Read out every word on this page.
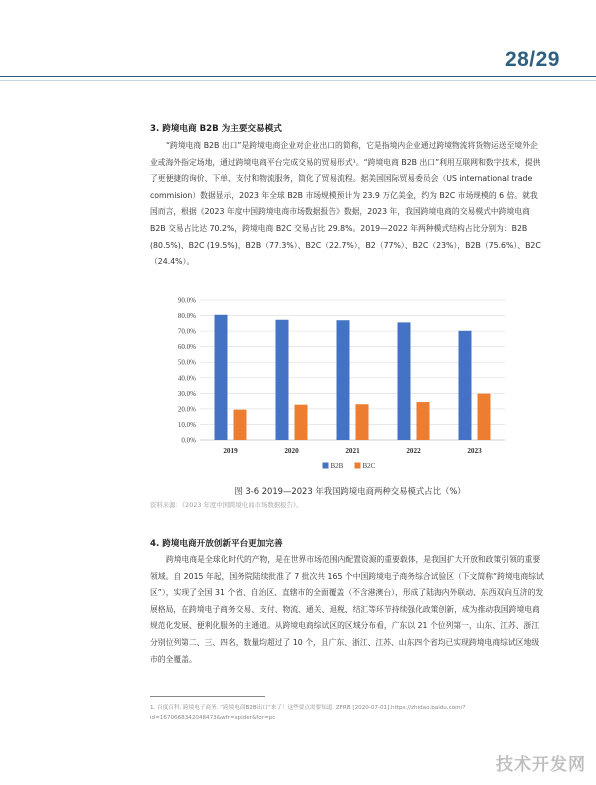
28/29
3. 跨境电商 B2B 为主要交易模式
“跨境电商 B2B 出口”是跨境电商企业对企业出口的简称，它是指境内企业通过跨境物流将货物运送至境外企业或海外指定场地，通过跨境电商平台完成交易的贸易形式¹。“跨境电商 B2B 出口”利用互联网和数字技术，提供了更便捷的询价、下单、支付和物流服务，简化了贸易流程。据美国国际贸易委员会（US international trade commision）数据显示，2023 年全球 B2B 市场规模预计为 23.9 万亿美金，约为 B2C 市场规模的 6 倍。就我国而言，根据《2023 年度中国跨境电商市场数据报告》数据，2023 年，我国跨境电商的交易模式中跨境电商 B2B 交易占比达 70.2%，跨境电商 B2C 交易占比 29.8%。2019—2022 年两种模式结构占比分别为：B2B (80.5%)、B2C (19.5%)，B2B（77.3%）、B2C（22.7%），B2（77%）、B2C（23%），B2B（75.6%）、B2C（24.4%）。
0.0%
10.0%
20.0%
30.0%
40.0%
50.0%
60.0%
70.0%
80.0%
90.0%
2019	2020	2021	2022	2023
B2B	B2C
图 3-6 2019—2023 年我国跨境电商两种交易模式占比（%）
资料来源：《2023 年度中国跨境电商市场数据报告》。
4. 跨境电商开放创新平台更加完善
跨境电商是全球化时代的产物，是在世界市场范围内配置资源的重要载体，是我国扩大开放和政策引领的重要领域。自 2015 年起，国务院陆续批准了 7 批次共 165 个中国跨境电子商务综合试验区（下文简称“跨境电商综试区”），实现了全国 31 个省、自治区、直辖市的全面覆盖（不含港澳台），形成了陆海内外联动、东西双向互济的发展格局，在跨境电子商务交易、支付、物流、通关、退税、结汇等环节持续强化政策创新，成为推动我国跨境电商规范化发展、便利化服务的主通道。从跨境电商综试区的区域分布看，广东以 21 个位列第一，山东、江苏、浙江分别位列第二、三、四名，数量均超过了 10 个，且广东、浙江、江苏、山东四个省均已实现跨境电商综试区地级市的全覆盖。
1. 百度百科. 跨境电子商务. “跨境电商B2B出口”来了！这些要点需要知道. ZFRB [2020-07-01].https://zhidao.baidu.com/?id=1670668342048473&wfr=spider&for=pc
技术开发网
